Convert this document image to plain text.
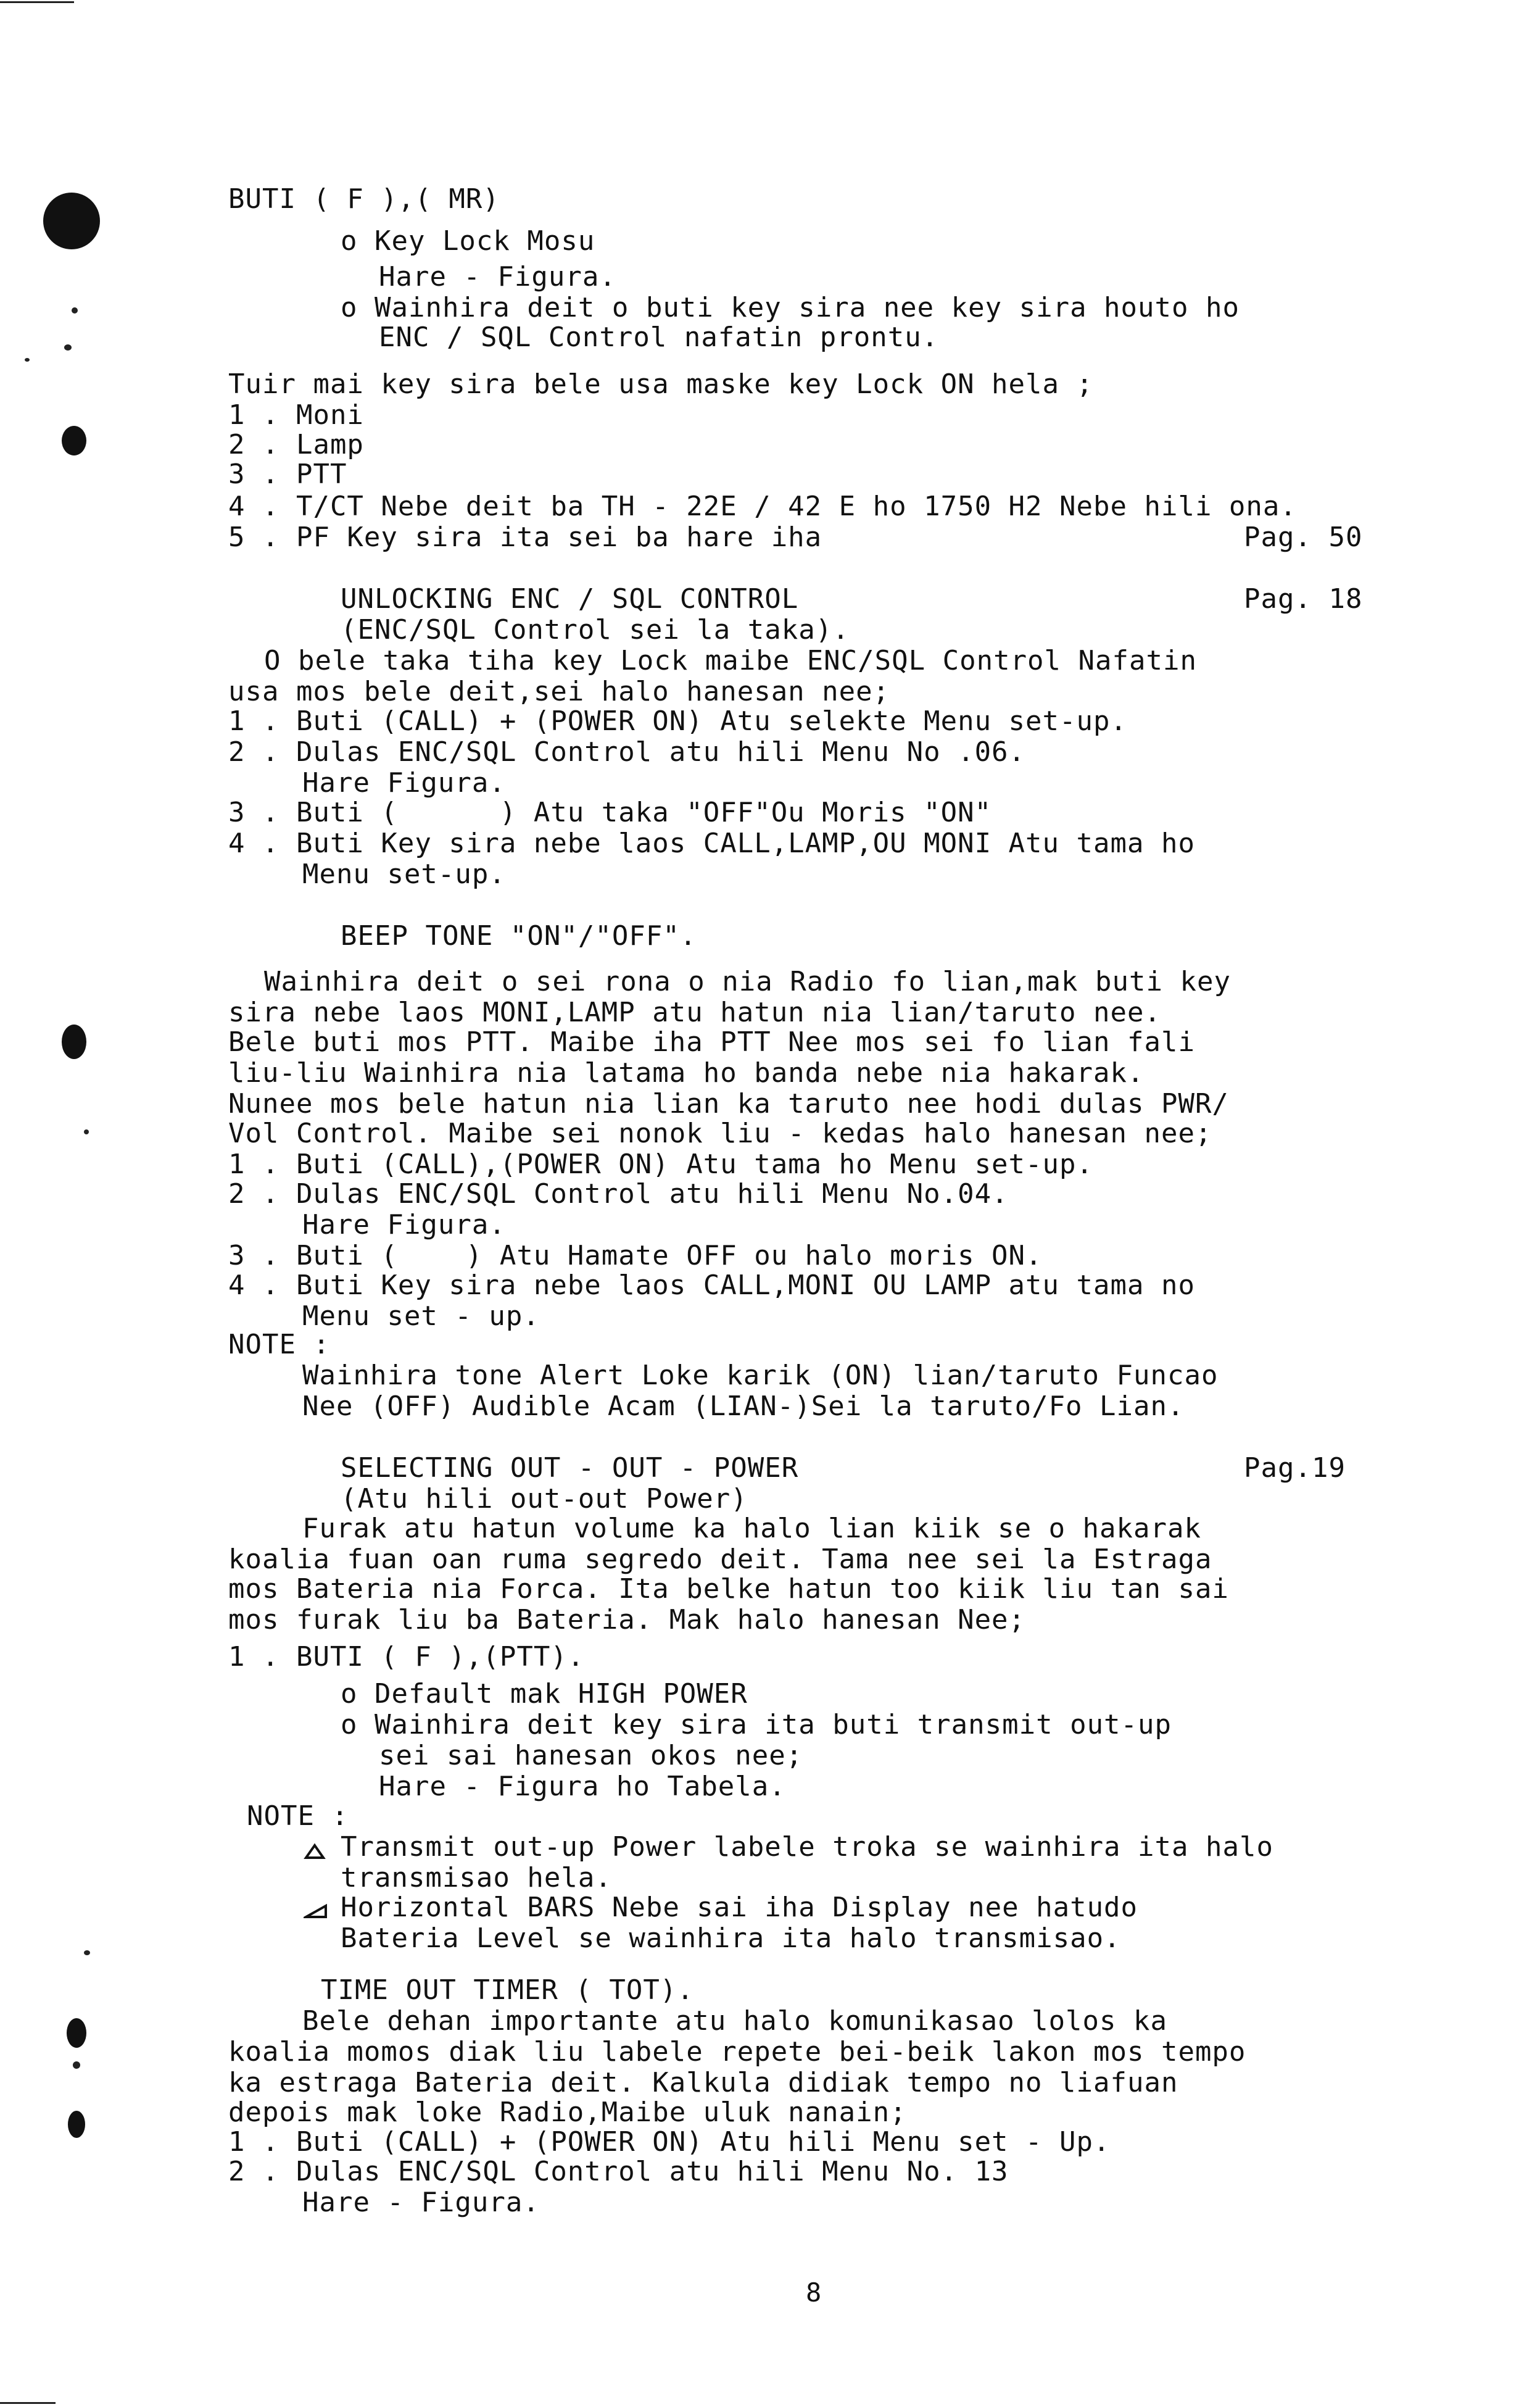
BUTI ( F ),( MR)
o Key Lock Mosu
Hare - Figura.
o Wainhira deit o buti key sira nee key sira houto ho
ENC / SQL Control nafatin prontu.
Tuir mai key sira bele usa maske key Lock ON hela ;
1 . Moni
2 . Lamp
3 . PTT
4 . T/CT Nebe deit ba TH - 22E / 42 E ho 1750 H2 Nebe hili ona.
5 . PF Key sira ita sei ba hare iha	Pag. 50
UNLOCKING ENC / SQL CONTROL	Pag. 18
(ENC/SQL Control sei la taka).
O bele taka tiha key Lock maibe ENC/SQL Control Nafatin
usa mos bele deit,sei halo hanesan nee;
1 . Buti (CALL) + (POWER ON) Atu selekte Menu set-up.
2 . Dulas ENC/SQL Control atu hili Menu No .06.
Hare Figura.
3 . Buti (      ) Atu taka "OFF"Ou Moris "ON"
4 . Buti Key sira nebe laos CALL,LAMP,OU MONI Atu tama ho
Menu set-up.
BEEP TONE "ON"/"OFF".
Wainhira deit o sei rona o nia Radio fo lian,mak buti key
sira nebe laos MONI,LAMP atu hatun nia lian/taruto nee.
Bele buti mos PTT. Maibe iha PTT Nee mos sei fo lian fali
liu-liu Wainhira nia latama ho banda nebe nia hakarak.
Nunee mos bele hatun nia lian ka taruto nee hodi dulas PWR/
Vol Control. Maibe sei nonok liu - kedas halo hanesan nee;
1 . Buti (CALL),(POWER ON) Atu tama ho Menu set-up.
2 . Dulas ENC/SQL Control atu hili Menu No.04.
Hare Figura.
3 . Buti (    ) Atu Hamate OFF ou halo moris ON.
4 . Buti Key sira nebe laos CALL,MONI OU LAMP atu tama no
Menu set - up.
NOTE :
Wainhira tone Alert Loke karik (ON) lian/taruto Funcao
Nee (OFF) Audible Acam (LIAN-)Sei la taruto/Fo Lian.
SELECTING OUT - OUT - POWER	Pag.19
(Atu hili out-out Power)
Furak atu hatun volume ka halo lian kiik se o hakarak
koalia fuan oan ruma segredo deit. Tama nee sei la Estraga
mos Bateria nia Forca. Ita belke hatun too kiik liu tan sai
mos furak liu ba Bateria. Mak halo hanesan Nee;
1 . BUTI ( F ),(PTT).
o Default mak HIGH POWER
o Wainhira deit key sira ita buti transmit out-up
sei sai hanesan okos nee;
Hare - Figura ho Tabela.
NOTE :
Transmit out-up Power labele troka se wainhira ita halo
transmisao hela.
Horizontal BARS Nebe sai iha Display nee hatudo
Bateria Level se wainhira ita halo transmisao.
TIME OUT TIMER ( TOT).
Bele dehan importante atu halo komunikasao lolos ka
koalia momos diak liu labele repete bei-beik lakon mos tempo
ka estraga Bateria deit. Kalkula didiak tempo no liafuan
depois mak loke Radio,Maibe uluk nanain;
1 . Buti (CALL) + (POWER ON) Atu hili Menu set - Up.
2 . Dulas ENC/SQL Control atu hili Menu No. 13
Hare - Figura.
8
